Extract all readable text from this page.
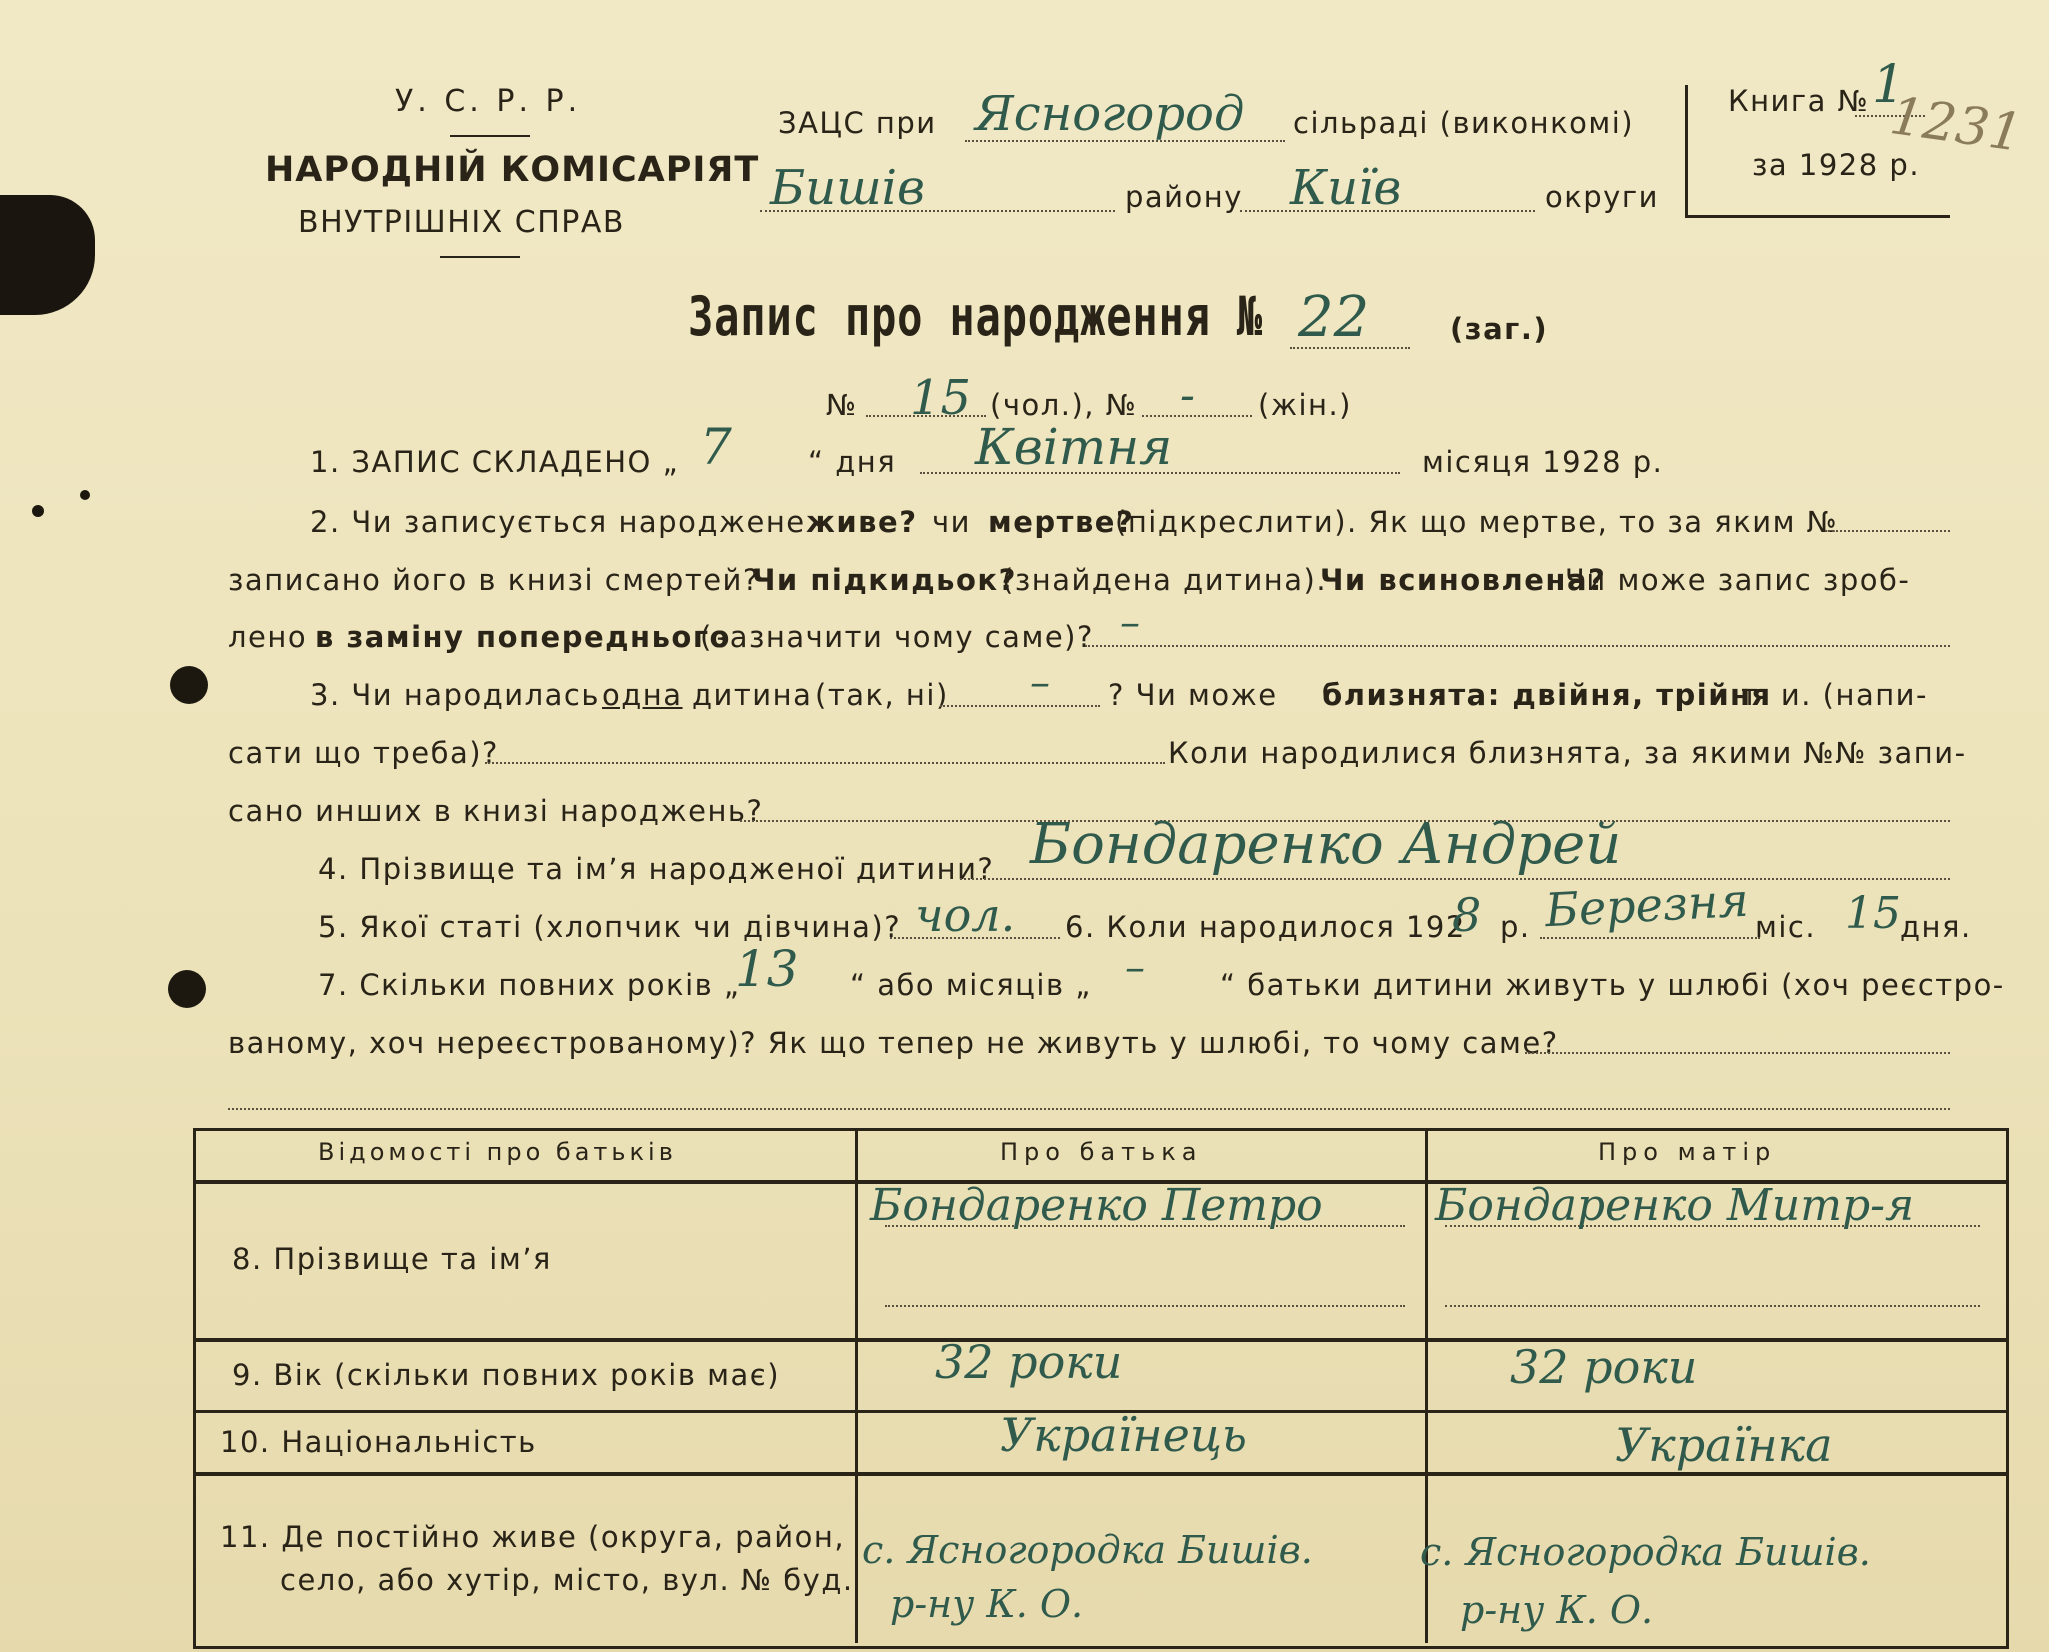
У. С. Р. Р.
НАРОДНІЙ КОМІСАРІЯТ
ВНУТРІШНІХ СПРАВ
ЗАЦС при Ясногород сільраді (виконкомі)
Бишів	району Київ	округи
Книга № 1
за 1928 р.
1231
Запис про народження № 22	(заг.)
№ 15 (чол.), № - (жін.)
1. ЗАПИС СКЛАДЕНО „ 7	“ дня Квітня	місяця 1928 р.
2. Чи записується народжене живе? чи мертве?
(підкреслити). Як що мертве, то за яким №
записано його в книзі смертей?
Чи підкидьок?
(знайдена дитина).
Чи всиновлена?
Чи може запис зроб-
лено в заміну попереднього
(зазначити чому саме)? –
3. Чи народилась одна дитина (так, ні) – ? Чи може близнята: двійня, трійня
й т. и. (напи-
сати що треба)?	Коли народилися близнята, за якими №№ запи-
сано инших в книзі народжень?
4. Прізвище та ім’я народженої дитини? Бондаренко Андрей
5. Якої статі (хлопчик чи дівчина)? чол. 6. Коли народилося 192
8 р. Березня міс. 15 дня.
7. Скільки повних років „
13 “ або місяців „ –	“ батьки дитини живуть у шлюбі (хоч реєстро-
ваному, хоч нереєстрованому)? Як що тепер не живуть у шлюбі, то чому саме?
Відомості про батьків	Про батька	Про матір
8. Прізвище та ім’я
Бондаренко Петро	Бондаренко Митр-я
9. Вік (скільки повних років має)	32 роки	32 роки
10. Національність	Українець	Українка
11. Де постійно живе (округа, район,
село, або хутір, місто, вул. № буд.
с. Ясногородка Бишів.
р-ну К. О.
с. Ясногородка Бишів.
р-ну К. О.
